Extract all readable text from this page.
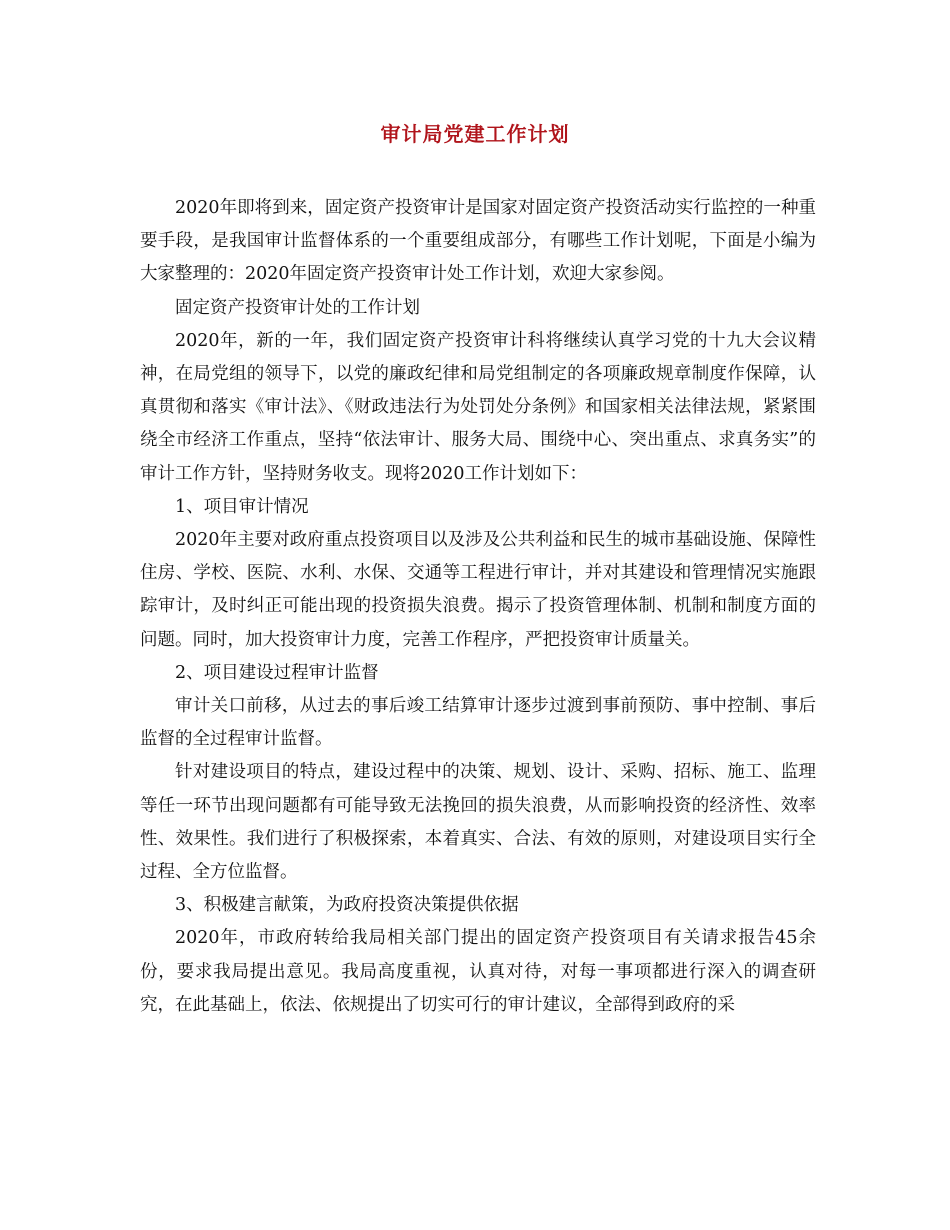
审计局党建工作计划

2020年即将到来，固定资产投资审计是国家对固定资产投资活动实行监控的一种重要手段，是我国审计监督体系的一个重要组成部分，有哪些工作计划呢，下面是小编为大家整理的：2020年固定资产投资审计处工作计划，欢迎大家参阅。

固定资产投资审计处的工作计划

2020年，新的一年，我们固定资产投资审计科将继续认真学习党的十九大会议精神，在局党组的领导下，以党的廉政纪律和局党组制定的各项廉政规章制度作保障，认真贯彻和落实《审计法》、《财政违法行为处罚处分条例》和国家相关法律法规，紧紧围绕全市经济工作重点，坚持“依法审计、服务大局、围绕中心、突出重点、求真务实”的审计工作方针，坚持财务收支。现将2020工作计划如下：

1、项目审计情况

2020年主要对政府重点投资项目以及涉及公共利益和民生的城市基础设施、保障性住房、学校、医院、水利、水保、交通等工程进行审计，并对其建设和管理情况实施跟踪审计，及时纠正可能出现的投资损失浪费。揭示了投资管理体制、机制和制度方面的问题。同时，加大投资审计力度，完善工作程序，严把投资审计质量关。

2、项目建设过程审计监督

审计关口前移，从过去的事后竣工结算审计逐步过渡到事前预防、事中控制、事后监督的全过程审计监督。

针对建设项目的特点，建设过程中的决策、规划、设计、采购、招标、施工、监理等任一环节出现问题都有可能导致无法挽回的损失浪费，从而影响投资的经济性、效率性、效果性。我们进行了积极探索，本着真实、合法、有效的原则，对建设项目实行全过程、全方位监督。

3、积极建言献策，为政府投资决策提供依据

2020年，市政府转给我局相关部门提出的固定资产投资项目有关请求报告45余份，要求我局提出意见。我局高度重视，认真对待，对每一事项都进行深入的调查研究，在此基础上，依法、依规提出了切实可行的审计建议，全部得到政府的采
